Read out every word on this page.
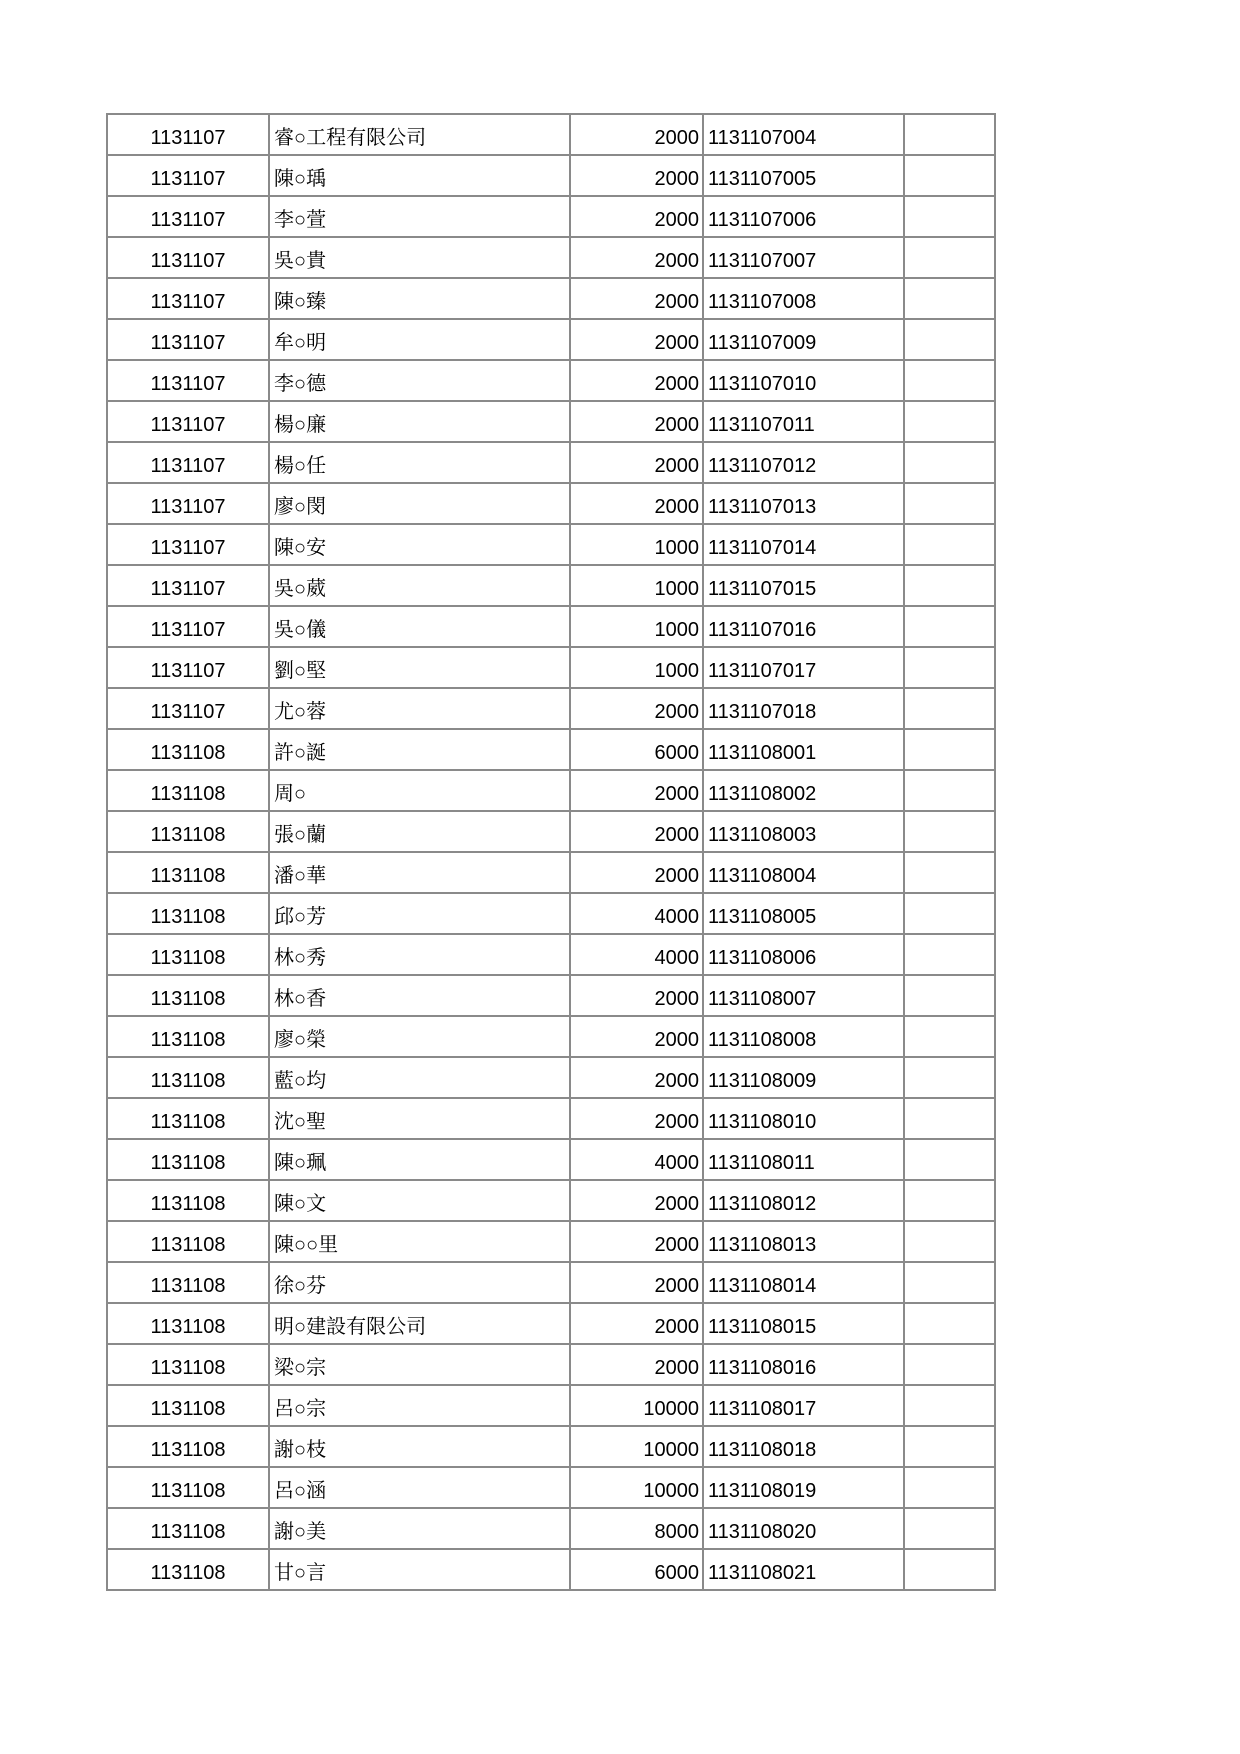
1131107	睿○工程有限公司	2000	1131107004	
1131107	陳○瑀	2000	1131107005	
1131107	李○萱	2000	1131107006	
1131107	吳○貴	2000	1131107007	
1131107	陳○臻	2000	1131107008	
1131107	牟○明	2000	1131107009	
1131107	李○德	2000	1131107010	
1131107	楊○廉	2000	1131107011	
1131107	楊○任	2000	1131107012	
1131107	廖○閔	2000	1131107013	
1131107	陳○安	1000	1131107014	
1131107	吳○葳	1000	1131107015	
1131107	吳○儀	1000	1131107016	
1131107	劉○堅	1000	1131107017	
1131107	尤○蓉	2000	1131107018	
1131108	許○誕	6000	1131108001	
1131108	周○	2000	1131108002	
1131108	張○蘭	2000	1131108003	
1131108	潘○華	2000	1131108004	
1131108	邱○芳	4000	1131108005	
1131108	林○秀	4000	1131108006	
1131108	林○香	2000	1131108007	
1131108	廖○榮	2000	1131108008	
1131108	藍○均	2000	1131108009	
1131108	沈○聖	2000	1131108010	
1131108	陳○珮	4000	1131108011	
1131108	陳○文	2000	1131108012	
1131108	陳○○里	2000	1131108013	
1131108	徐○芬	2000	1131108014	
1131108	明○建設有限公司	2000	1131108015	
1131108	梁○宗	2000	1131108016	
1131108	呂○宗	10000	1131108017	
1131108	謝○枝	10000	1131108018	
1131108	呂○涵	10000	1131108019	
1131108	謝○美	8000	1131108020	
1131108	甘○言	6000	1131108021	
